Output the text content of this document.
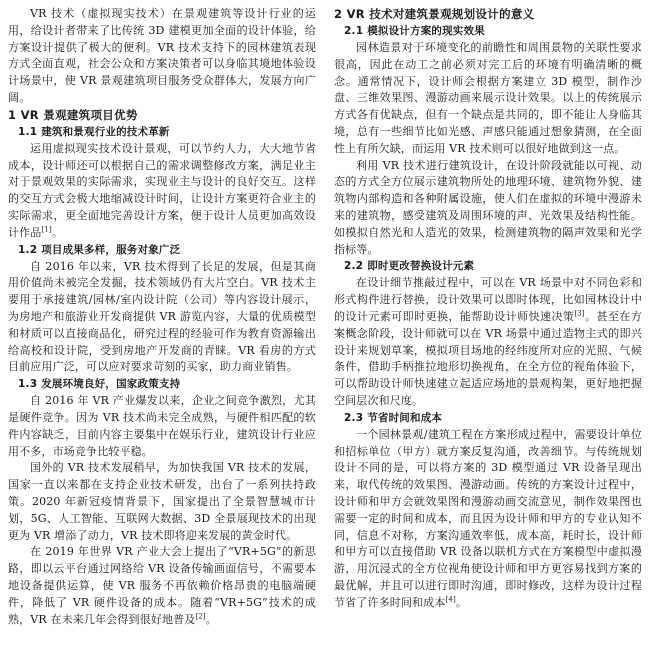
VR 技术（虚拟现实技术）在景观建筑等设计行业的运用，给设计者带来了比传统 3D 建模更加全面的设计体验，给方案设计提供了极大的便利。VR 技术支持下的园林建筑表现方式全面直观，社会公众和方案决策者可以身临其境地体验设计场景中，使 VR 景观建筑项目服务受众群体大，发展方向广阔。

1 VR 景观建筑项目优势
1.1 建筑和景观行业的技术革新

运用虚拟现实技术设计景观，可以节约人力，大大地节省成本，设计师还可以根据自己的需求调整修改方案，满足业主对于景观效果的实际需求，实现业主与设计的良好交互。这样的交互方式会极大地缩减设计时间，让设计方案更符合业主的实际需求，更全面地完善设计方案，便于设计人员更加高效设计作品[1]。

1.2 项目成果多样，服务对象广泛

自 2016 年以来，VR 技术得到了长足的发展，但是其商用价值尚未被完全发掘，技术领域仍有大片空白。VR 技术主要用于承接建筑/园林/室内设计院（公司）等内容设计展示，为房地产和旅游业开发商提供 VR 游览内容，大量的优质模型和材质可以直接商品化，研究过程的经验可作为教育资源输出给高校和设计院，受到房地产开发商的青睐。VR 看房的方式目前应用广泛，可以应对要求苛刻的买家，助力商业销售。

1.3 发展环境良好，国家政策支持

自 2016 年 VR 产业爆发以来，企业之间竞争激烈，尤其是硬件竞争。因为 VR 技术尚未完全成熟，与硬件相匹配的软件内容缺乏，目前内容主要集中在娱乐行业，建筑设计行业应用不多，市场竞争比较平稳。

国外的 VR 技术发展稍早，为加快我国 VR 技术的发展，国家一直以来都在支持企业技术研发，出台了一系列扶持政策。2020 年新冠疫情背景下，国家提出了全景智慧城市计划，5G、人工智能、互联网大数据、3D 全景展现技术的出现更为 VR 增添了动力，VR 技术即将迎来发展的黄金时代。

在 2019 年世界 VR 产业大会上提出了“VR+5G”的新思路，即以云平台通过网络给 VR 设备传输画面信号，不需要本地设备提供运算，使 VR 服务不再依赖价格昂贵的电脑端硬件，降低了 VR 硬件设备的成本。随着“VR+5G”技术的成熟，VR 在未来几年会得到很好地普及[2]。

2 VR 技术对建筑景观规划设计的意义
2.1 模拟设计方案的现实效果

园林造景对于环境变化的前瞻性和周围景物的关联性要求很高，因此在动工之前必须对完工后的环境有明确清晰的概念。通常情况下，设计师会根据方案建立 3D 模型，制作沙盘、三维效果图、漫游动画来展示设计效果。以上的传统展示方式各有优缺点，但有一个缺点是共同的，即不能让人身临其境，总有一些细节比如光感、声感只能通过想象猜测，在全面性上有所欠缺，而运用 VR 技术则可以很好地做到这一点。

利用 VR 技术进行建筑设计，在设计阶段就能以可视、动态的方式全方位展示建筑物所处的地理环境、建筑物外貌、建筑物内部构造和各种附属设施，使人们在虚拟的环境中漫游未来的建筑物，感受建筑及周围环境的声、光效果及结构性能。如模拟自然光和人造光的效果，检测建筑物的隔声效果和光学指标等。

2.2 即时更改替换设计元素

在设计细节推敲过程中，可以在 VR 场景中对不同色彩和形式构件进行替换，设计效果可以即时体现，比如园林设计中的设计元素可即时更换，能帮助设计师快速决策[3]。甚至在方案概念阶段，设计师就可以在 VR 场景中通过造物主式的即兴设计来规划草案，模拟项目场地的经纬度所对应的光照、气候条件，借助手柄推拉地形切换视角，在全方位的视角体验下，可以帮助设计师快速建立起适应场地的景观构架，更好地把握空间层次和尺度。

2.3 节省时间和成本

一个园林景观/建筑工程在方案形成过程中，需要设计单位和招标单位（甲方）就方案反复沟通，改善细节。与传统规划设计不同的是，可以将方案的 3D 模型通过 VR 设备呈现出来，取代传统的效果图、漫游动画。传统的方案设计过程中，设计师和甲方会就效果图和漫游动画交流意见，制作效果图也需要一定的时间和成本，而且因为设计师和甲方的专业认知不同，信息不对称，方案沟通效率低，成本高，耗时长，设计师和甲方可以直接借助 VR 设备以联机方式在方案模型中虚拟漫游，用沉浸式的全方位视角使设计师和甲方更容易找到方案的最优解，并且可以进行即时沟通，即时修改，这样为设计过程节省了许多时间和成本[4]。
